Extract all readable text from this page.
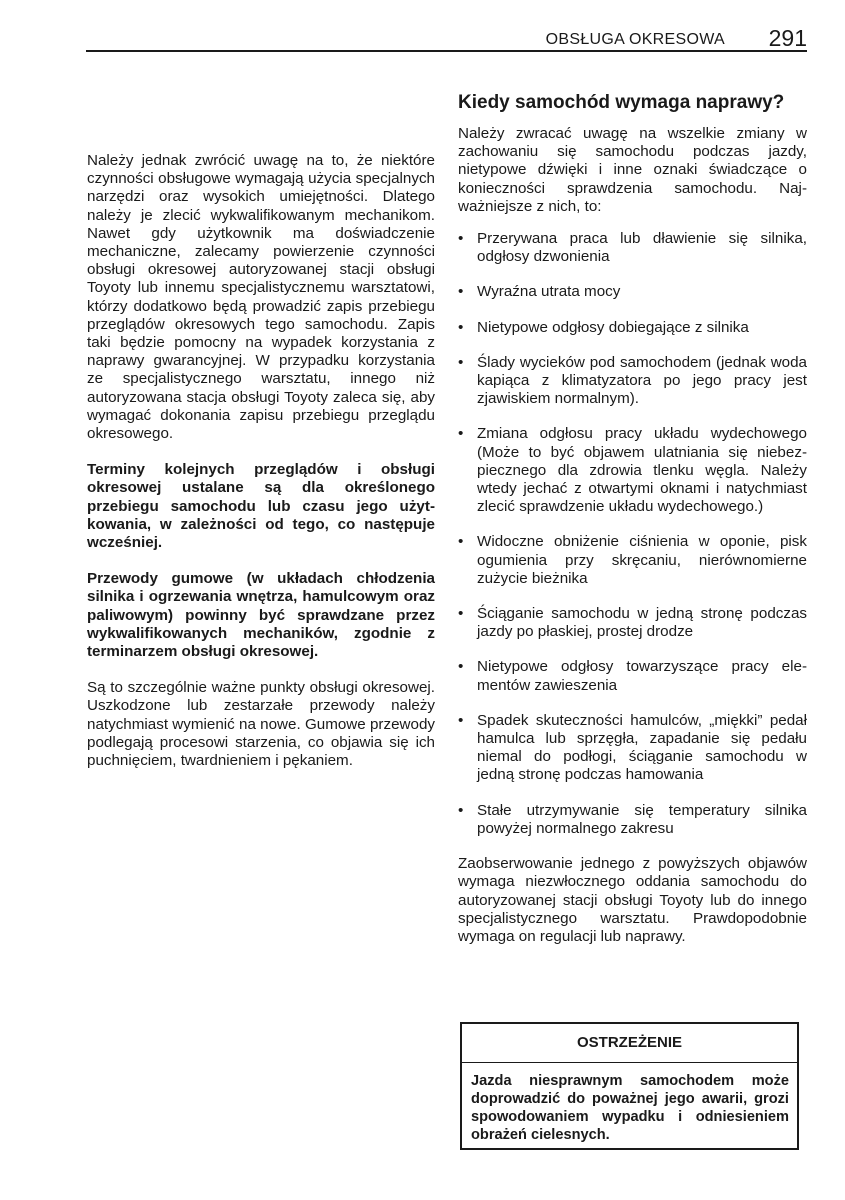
OBSŁUGA OKRESOWA 291

Należy jednak zwrócić uwagę na to, że niektóre czynności obsługowe wymagają użycia specjalnych narzędzi oraz wysokich umiejętności. Dlatego należy je zlecić wykwalifikowanym mechanikom. Nawet gdy użytkownik ma doświadczenie mechaniczne, zalecamy powierzenie czynności obsługi okresowej autoryzowanej stacji obsługi Toyoty lub innemu specjalistycznemu warsztatowi, którzy dodatkowo będą prowadzić zapis przebiegu przeglądów okresowych tego samochodu. Zapis taki będzie pomocny na wypadek korzystania z naprawy gwarancyjnej. W przypadku korzystania ze specjalistycznego warsztatu, innego niż autoryzowana stacja obsługi Toyoty zaleca się, aby wymagać dokonania zapisu przebiegu przeglądu okresowego.

Terminy kolejnych przeglądów i obsługi okresowej ustalane są dla określonego przebiegu samochodu lub czasu jego użytkowania, w zależności od tego, co następuje wcześniej.

Przewody gumowe (w układach chłodzenia silnika i ogrzewania wnętrza, hamulcowym oraz paliwowym) powinny być sprawdzane przez wykwalifikowanych mechaników, zgodnie z terminarzem obsługi okresowej.

Są to szczególnie ważne punkty obsługi okresowej. Uszkodzone lub zestarzałe przewody należy natychmiast wymienić na nowe. Gumowe przewody podlegają procesowi starzenia, co objawia się ich puchnięciem, twardnieniem i pękaniem.

Kiedy samochód wymaga naprawy?

Należy zwracać uwagę na wszelkie zmiany w zachowaniu się samochodu podczas jazdy, nietypowe dźwięki i inne oznaki świadczące o konieczności sprawdzenia samochodu. Najważniejsze z nich, to:

• Przerywana praca lub dławienie się silnika, odgłosy dzwonienia
• Wyraźna utrata mocy
• Nietypowe odgłosy dobiegające z silnika
• Ślady wycieków pod samochodem (jednak woda kapiąca z klimatyzatora po jego pracy jest zjawiskiem normalnym).
• Zmiana odgłosu pracy układu wydechowego (Może to być objawem ulatniania się niebezpiecznego dla zdrowia tlenku węgla. Należy wtedy jechać z otwartymi oknami i natychmiast zlecić sprawdzenie układu wydechowego.)
• Widoczne obniżenie ciśnienia w oponie, pisk ogumienia przy skręcaniu, nierównomierne zużycie bieżnika
• Ściąganie samochodu w jedną stronę podczas jazdy po płaskiej, prostej drodze
• Nietypowe odgłosy towarzyszące pracy elementów zawieszenia
• Spadek skuteczności hamulców, „miękki” pedał hamulca lub sprzęgła, zapadanie się pedału niemal do podłogi, ściąganie samochodu w jedną stronę podczas hamowania
• Stałe utrzymywanie się temperatury silnika powyżej normalnego zakresu

Zaobserwowanie jednego z powyższych objawów wymaga niezwłocznego oddania samochodu do autoryzowanej stacji obsługi Toyoty lub do innego specjalistycznego warsztatu. Prawdopodobnie wymaga on regulacji lub naprawy.

OSTRZEŻENIE
Jazda niesprawnym samochodem może doprowadzić do poważnej jego awarii, grozi spowodowaniem wypadku i odniesieniem obrażeń cielesnych.
